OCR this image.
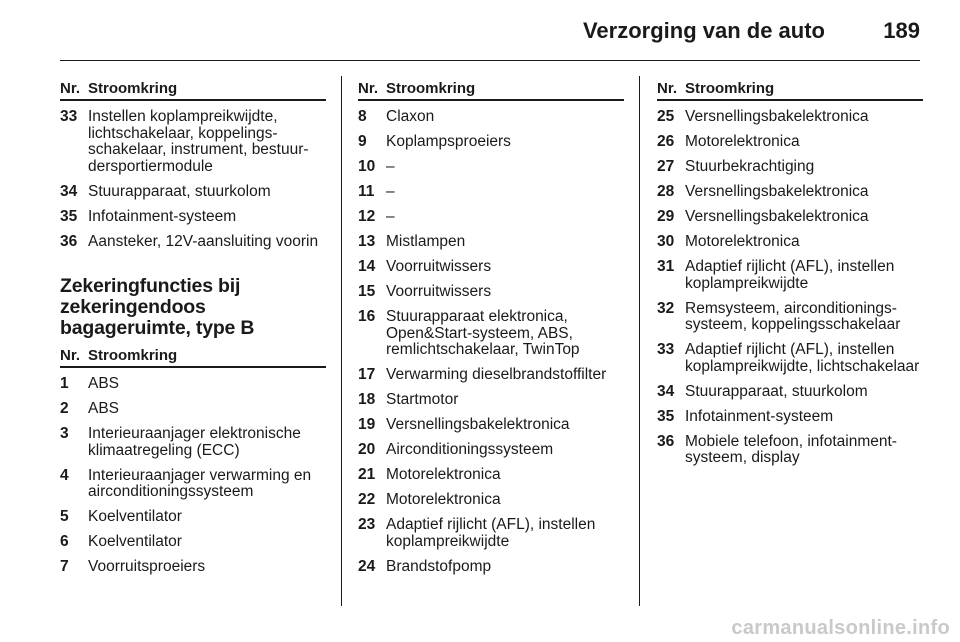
Verzorging van de auto	189
Nr. Stroomkring
33 Instellen koplampreikwijdte, lichtschakelaar, koppelingsschakelaar, instrument, bestuurdersportiermodule
34 Stuurapparaat, stuurkolom
35 Infotainment-systeem
36 Aansteker, 12V-aansluiting voorin
Zekeringfuncties bij zekeringendoos bagageruimte, type B
Nr. Stroomkring
1	ABS
2	ABS
3	Interieuraanjager elektronische klimaatregeling (ECC)
4	Interieuraanjager verwarming en airconditioningssysteem
5	Koelventilator
6	Koelventilator
7	Voorruitsproeiers
Nr. Stroomkring
8	Claxon
9	Koplampsproeiers
10 –
11 –
12 –
13 Mistlampen
14 Voorruitwissers
15 Voorruitwissers
16 Stuurapparaat elektronica, Open&Start-systeem, ABS, remlichtschakelaar, TwinTop
17 Verwarming dieselbrandstoffilter
18 Startmotor
19 Versnellingsbakelektronica
20 Airconditioningssysteem
21 Motorelektronica
22 Motorelektronica
23 Adaptief rijlicht (AFL), instellen koplampreikwijdte
24 Brandstofpomp
Nr. Stroomkring
25 Versnellingsbakelektronica
26 Motorelektronica
27 Stuurbekrachtiging
28 Versnellingsbakelektronica
29 Versnellingsbakelektronica
30 Motorelektronica
31 Adaptief rijlicht (AFL), instellen koplampreikwijdte
32 Remsysteem, airconditioningssysteem, koppelingsschakelaar
33 Adaptief rijlicht (AFL), instellen koplampreikwijdte, lichtschakelaar
34 Stuurapparaat, stuurkolom
35 Infotainment-systeem
36 Mobiele telefoon, infotainment-systeem, display
carmanualsonline.info
